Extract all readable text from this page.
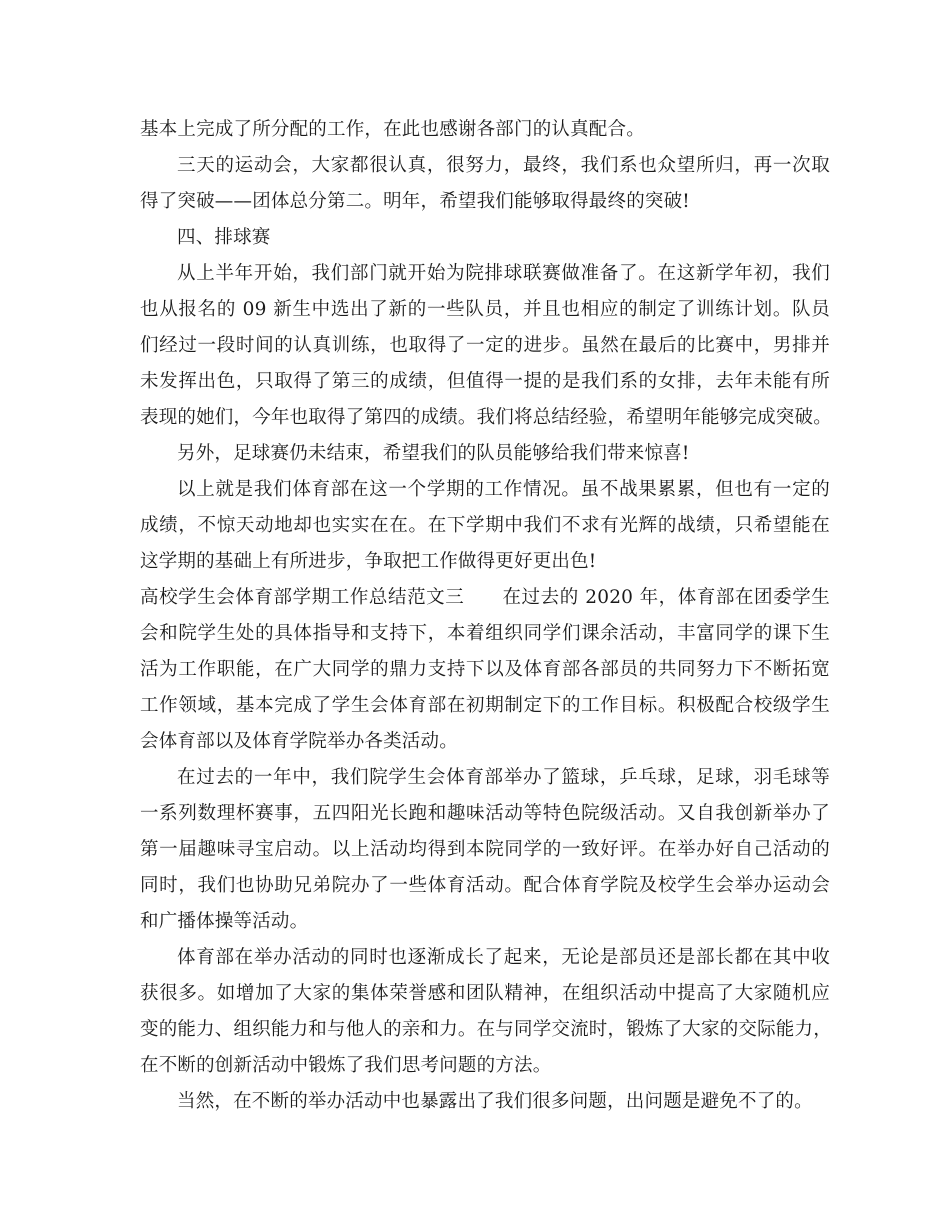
基本上完成了所分配的工作，在此也感谢各部门的认真配合。
三天的运动会，大家都很认真，很努力，最终，我们系也众望所归，再一次取
得了突破——团体总分第二。明年，希望我们能够取得最终的突破!
四、排球赛
从上半年开始，我们部门就开始为院排球联赛做准备了。在这新学年初，我们
也从报名的 09 新生中选出了新的一些队员，并且也相应的制定了训练计划。队员
们经过一段时间的认真训练，也取得了一定的进步。虽然在最后的比赛中，男排并
未发挥出色，只取得了第三的成绩，但值得一提的是我们系的女排，去年未能有所
表现的她们，今年也取得了第四的成绩。我们将总结经验，希望明年能够完成突破。
另外，足球赛仍未结束，希望我们的队员能够给我们带来惊喜!
以上就是我们体育部在这一个学期的工作情况。虽不战果累累，但也有一定的
成绩，不惊天动地却也实实在在。在下学期中我们不求有光辉的战绩，只希望能在
这学期的基础上有所进步，争取把工作做得更好更出色!
高校学生会体育部学期工作总结范文三　　在过去的 2020 年，体育部在团委学生
会和院学生处的具体指导和支持下，本着组织同学们课余活动，丰富同学的课下生
活为工作职能，在广大同学的鼎力支持下以及体育部各部员的共同努力下不断拓宽
工作领域，基本完成了学生会体育部在初期制定下的工作目标。积极配合校级学生
会体育部以及体育学院举办各类活动。
在过去的一年中，我们院学生会体育部举办了篮球，乒乓球，足球，羽毛球等
一系列数理杯赛事，五四阳光长跑和趣味活动等特色院级活动。又自我创新举办了
第一届趣味寻宝启动。以上活动均得到本院同学的一致好评。在举办好自己活动的
同时，我们也协助兄弟院办了一些体育活动。配合体育学院及校学生会举办运动会
和广播体操等活动。
体育部在举办活动的同时也逐渐成长了起来，无论是部员还是部长都在其中收
获很多。如增加了大家的集体荣誉感和团队精神，在组织活动中提高了大家随机应
变的能力、组织能力和与他人的亲和力。在与同学交流时，锻炼了大家的交际能力，
在不断的创新活动中锻炼了我们思考问题的方法。
当然，在不断的举办活动中也暴露出了我们很多问题，出问题是避免不了的。
